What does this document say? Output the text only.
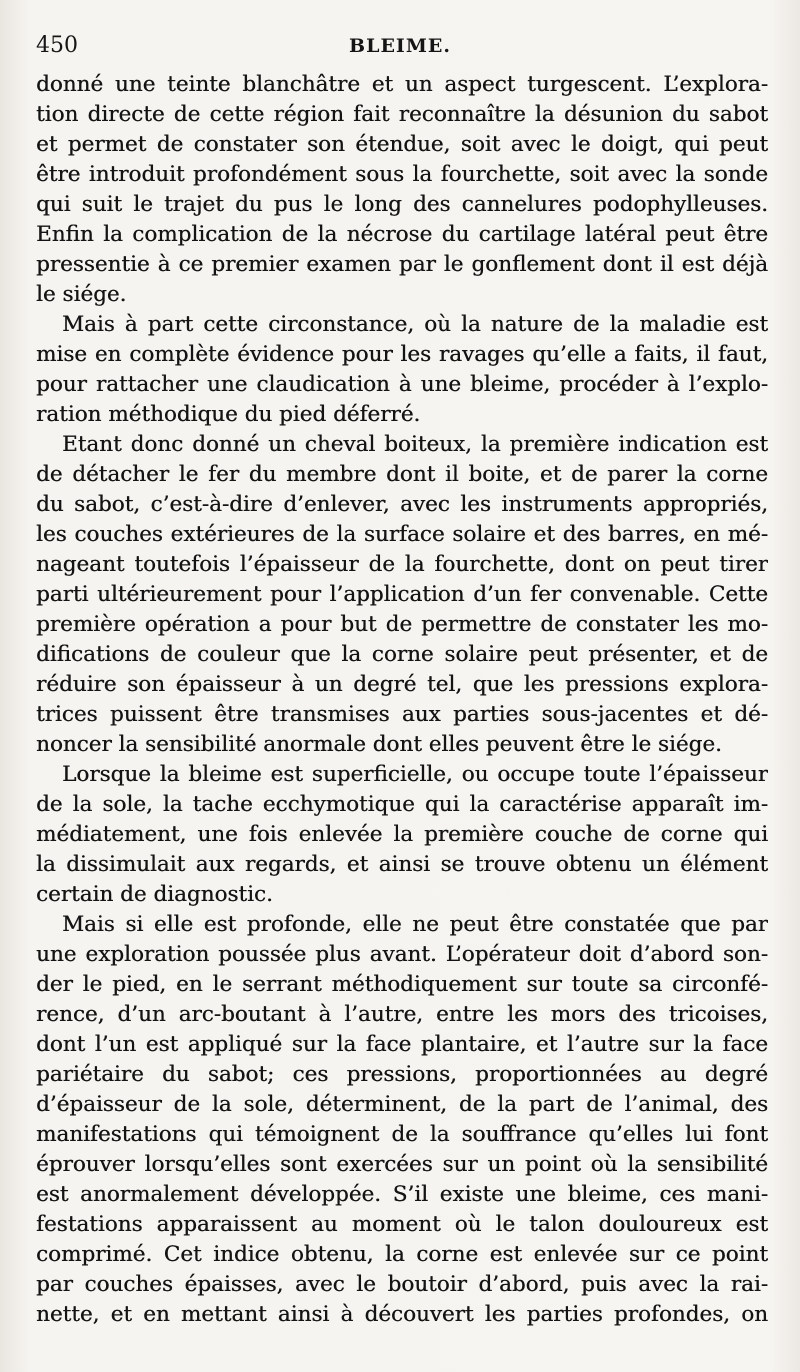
450	BLEIME.
donné une teinte blanchâtre et un aspect turgescent. L’explora-
tion directe de cette région fait reconnaître la désunion du sabot
et permet de constater son étendue, soit avec le doigt, qui peut
être introduit profondément sous la fourchette, soit avec la sonde
qui suit le trajet du pus le long des cannelures podophylleuses.
Enfin la complication de la nécrose du cartilage latéral peut être
pressentie à ce premier examen par le gonflement dont il est déjà
le siége.
Mais à part cette circonstance, où la nature de la maladie est
mise en complète évidence pour les ravages qu’elle a faits, il faut,
pour rattacher une claudication à une bleime, procéder à l’explo-
ration méthodique du pied déferré.
Etant donc donné un cheval boiteux, la première indication est
de détacher le fer du membre dont il boite, et de parer la corne
du sabot, c’est-à-dire d’enlever, avec les instruments appropriés,
les couches extérieures de la surface solaire et des barres, en mé-
nageant toutefois l’épaisseur de la fourchette, dont on peut tirer
parti ultérieurement pour l’application d’un fer convenable. Cette
première opération a pour but de permettre de constater les mo-
difications de couleur que la corne solaire peut présenter, et de
réduire son épaisseur à un degré tel, que les pressions explora-
trices puissent être transmises aux parties sous-jacentes et dé-
noncer la sensibilité anormale dont elles peuvent être le siége.
Lorsque la bleime est superficielle, ou occupe toute l’épaisseur
de la sole, la tache ecchymotique qui la caractérise apparaît im-
médiatement, une fois enlevée la première couche de corne qui
la dissimulait aux regards, et ainsi se trouve obtenu un élément
certain de diagnostic.
Mais si elle est profonde, elle ne peut être constatée que par
une exploration poussée plus avant. L’opérateur doit d’abord son-
der le pied, en le serrant méthodiquement sur toute sa circonfé-
rence, d’un arc-boutant à l’autre, entre les mors des tricoises,
dont l’un est appliqué sur la face plantaire, et l’autre sur la face
pariétaire du sabot; ces pressions, proportionnées au degré
d’épaisseur de la sole, déterminent, de la part de l’animal, des
manifestations qui témoignent de la souffrance qu’elles lui font
éprouver lorsqu’elles sont exercées sur un point où la sensibilité
est anormalement développée. S’il existe une bleime, ces mani-
festations apparaissent au moment où le talon douloureux est
comprimé. Cet indice obtenu, la corne est enlevée sur ce point
par couches épaisses, avec le boutoir d’abord, puis avec la rai-
nette, et en mettant ainsi à découvert les parties profondes, on
